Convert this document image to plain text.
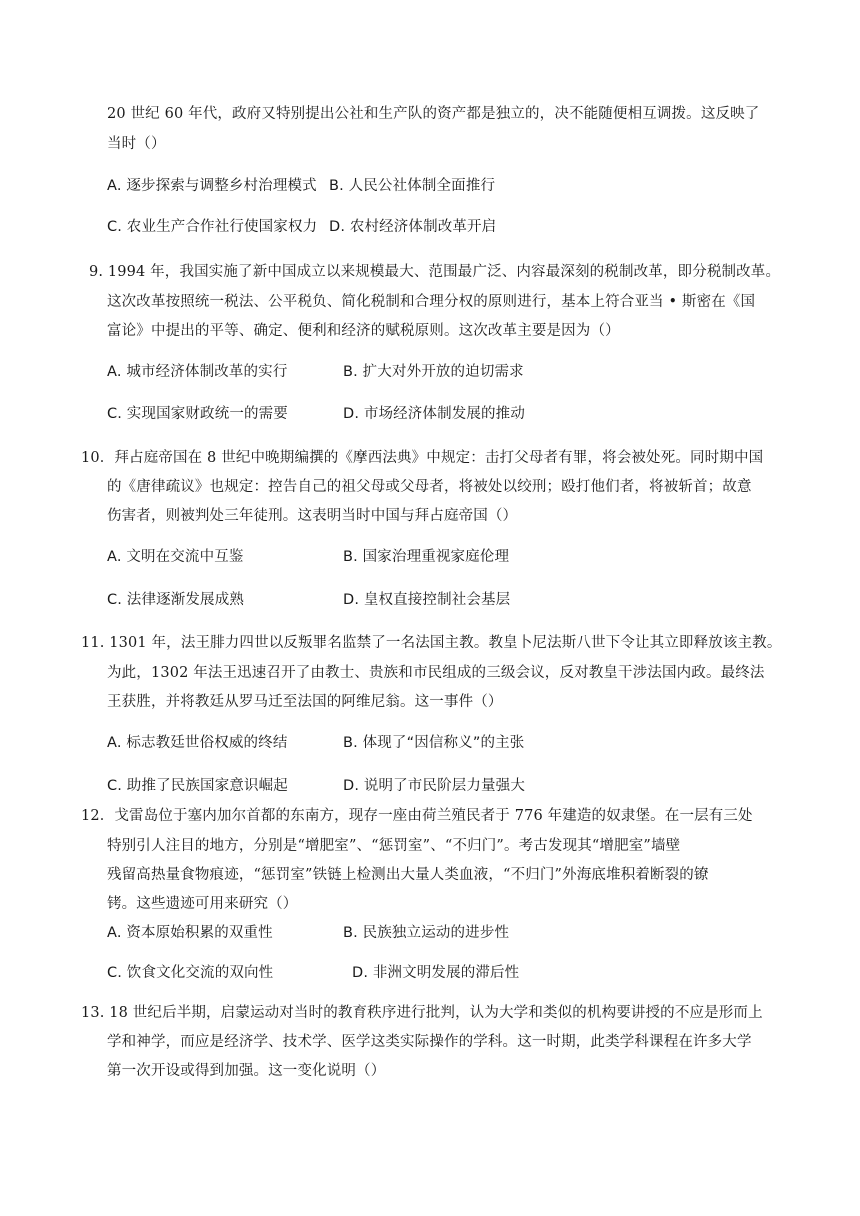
20 世纪 60 年代，政府又特别提出公社和生产队的资产都是独立的，决不能随便相互调拨。这反映了
当时（）
A. 逐步探索与调整乡村治理模式 B. 人民公社体制全面推行
C. 农业生产合作社行使国家权力 D. 农村经济体制改革开启
9. 1994 年，我国实施了新中国成立以来规模最大、范围最广泛、内容最深刻的税制改革，即分税制改革。
这次改革按照统一税法、公平税负、简化税制和合理分权的原则进行，基本上符合亚当 • 斯密在《国
富论》中提出的平等、确定、便利和经济的赋税原则。这次改革主要是因为（）
A. 城市经济体制改革的实行	B. 扩大对外开放的迫切需求
C. 实现国家财政统一的需要	D. 市场经济体制发展的推动
10．拜占庭帝国在 8 世纪中晚期编撰的《摩西法典》中规定：击打父母者有罪，将会被处死。同时期中国
的《唐律疏议》也规定：控告自己的祖父母或父母者，将被处以绞刑；殴打他们者，将被斩首；故意
伤害者，则被判处三年徒刑。这表明当时中国与拜占庭帝国（）
A. 文明在交流中互鉴	B. 国家治理重视家庭伦理
C. 法律逐渐发展成熟	D. 皇权直接控制社会基层
11. 1301 年，法王腓力四世以反叛罪名监禁了一名法国主教。教皇卜尼法斯八世下令让其立即释放该主教。
为此，1302 年法王迅速召开了由教士、贵族和市民组成的三级会议，反对教皇干涉法国内政。最终法
王获胜，并将教廷从罗马迁至法国的阿维尼翁。这一事件（）
A. 标志教廷世俗权威的终结	B. 体现了“因信称义”的主张
C. 助推了民族国家意识崛起	D. 说明了市民阶层力量强大
12．戈雷岛位于塞内加尔首都的东南方，现存一座由荷兰殖民者于 776 年建造的奴隶堡。在一层有三处
特别引人注目的地方，分别是“增肥室”、“惩罚室”、“不归门”。考古发现其“增肥室”墙壁
残留高热量食物痕迹，“惩罚室”铁链上检测出大量人类血液，“不归门”外海底堆积着断裂的镣
铐。这些遗迹可用来研究（）
A. 资本原始积累的双重性	B. 民族独立运动的进步性
C. 饮食文化交流的双向性	D. 非洲文明发展的滞后性
13. 18 世纪后半期，启蒙运动对当时的教育秩序进行批判，认为大学和类似的机构要讲授的不应是形而上
学和神学，而应是经济学、技术学、医学这类实际操作的学科。这一时期，此类学科课程在许多大学
第一次开设或得到加强。这一变化说明（）
